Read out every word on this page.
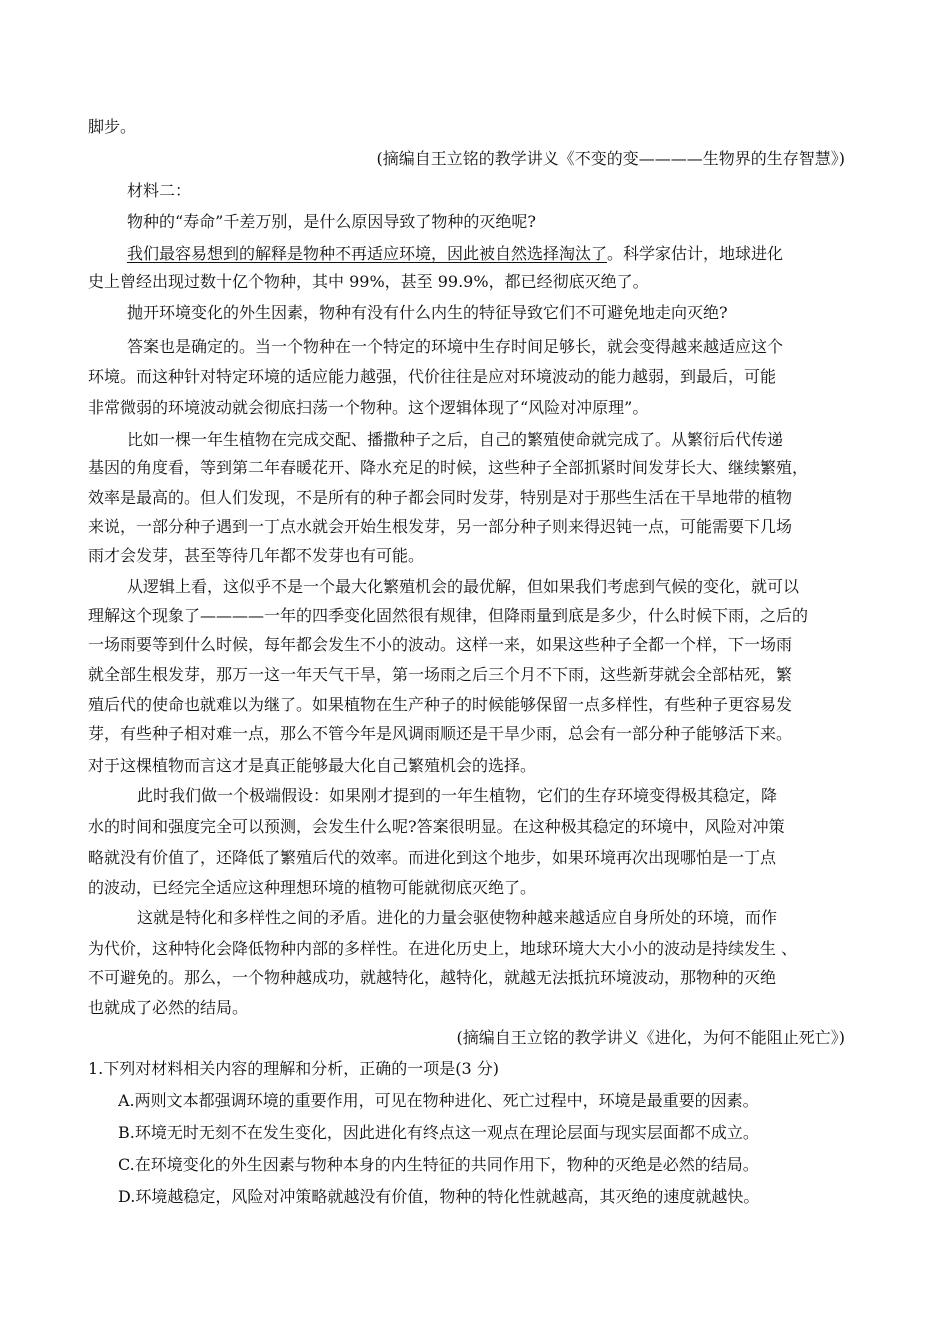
脚步。
(摘编自王立铭的教学讲义《不变的变————生物界的生存智慧》)
材料二：
物种的“寿命”千差万别，是什么原因导致了物种的灭绝呢?
我们最容易想到的解释是物种不再适应环境，因此被自然选择淘汰了。科学家估计，地球进化
史上曾经出现过数十亿个物种，其中 99%，甚至 99.9%，都已经彻底灭绝了。
抛开环境变化的外生因素，物种有没有什么内生的特征导致它们不可避免地走向灭绝?
答案也是确定的。当一个物种在一个特定的环境中生存时间足够长，就会变得越来越适应这个
环境。而这种针对特定环境的适应能力越强，代价往往是应对环境波动的能力越弱，到最后，可能
非常微弱的环境波动就会彻底扫荡一个物种。这个逻辑体现了“风险对冲原理”。
比如一棵一年生植物在完成交配、播撒种子之后，自己的繁殖使命就完成了。从繁衍后代传递
基因的角度看，等到第二年春暖花开、降水充足的时候，这些种子全部抓紧时间发芽长大、继续繁殖，
效率是最高的。但人们发现，不是所有的种子都会同时发芽，特别是对于那些生活在干旱地带的植物
来说，一部分种子遇到一丁点水就会开始生根发芽，另一部分种子则来得迟钝一点，可能需要下几场
雨才会发芽，甚至等待几年都不发芽也有可能。
从逻辑上看，这似乎不是一个最大化繁殖机会的最优解，但如果我们考虑到气候的变化，就可以
理解这个现象了————一年的四季变化固然很有规律，但降雨量到底是多少，什么时候下雨，之后的
一场雨要等到什么时候，每年都会发生不小的波动。这样一来，如果这些种子全都一个样，下一场雨
就全部生根发芽，那万一这一年天气干旱，第一场雨之后三个月不下雨，这些新芽就会全部枯死，繁
殖后代的使命也就难以为继了。如果植物在生产种子的时候能够保留一点多样性，有些种子更容易发
芽，有些种子相对难一点，那么不管今年是风调雨顺还是干旱少雨，总会有一部分种子能够活下来。
对于这棵植物而言这才是真正能够最大化自己繁殖机会的选择。
此时我们做一个极端假设：如果刚才提到的一年生植物，它们的生存环境变得极其稳定，降
水的时间和强度完全可以预测，会发生什么呢?答案很明显。在这种极其稳定的环境中，风险对冲策
略就没有价值了，还降低了繁殖后代的效率。而进化到这个地步，如果环境再次出现哪怕是一丁点
的波动，已经完全适应这种理想环境的植物可能就彻底灭绝了。
这就是特化和多样性之间的矛盾。进化的力量会驱使物种越来越适应自身所处的环境，而作
为代价，这种特化会降低物种内部的多样性。在进化历史上，地球环境大大小小的波动是持续发生 、
不可避免的。那么，一个物种越成功，就越特化，越特化，就越无法抵抗环境波动，那物种的灭绝
也就成了必然的结局。
(摘编自王立铭的教学讲义《进化，为何不能阻止死亡》)
1.下列对材料相关内容的理解和分析，正确的一项是(3 分)
A.两则文本都强调环境的重要作用，可见在物种进化、死亡过程中，环境是最重要的因素。
B.环境无时无刻不在发生变化，因此进化有终点这一观点在理论层面与现实层面都不成立。
C.在环境变化的外生因素与物种本身的内生特征的共同作用下，物种的灭绝是必然的结局。
D.环境越稳定，风险对冲策略就越没有价值，物种的特化性就越高，其灭绝的速度就越快。
